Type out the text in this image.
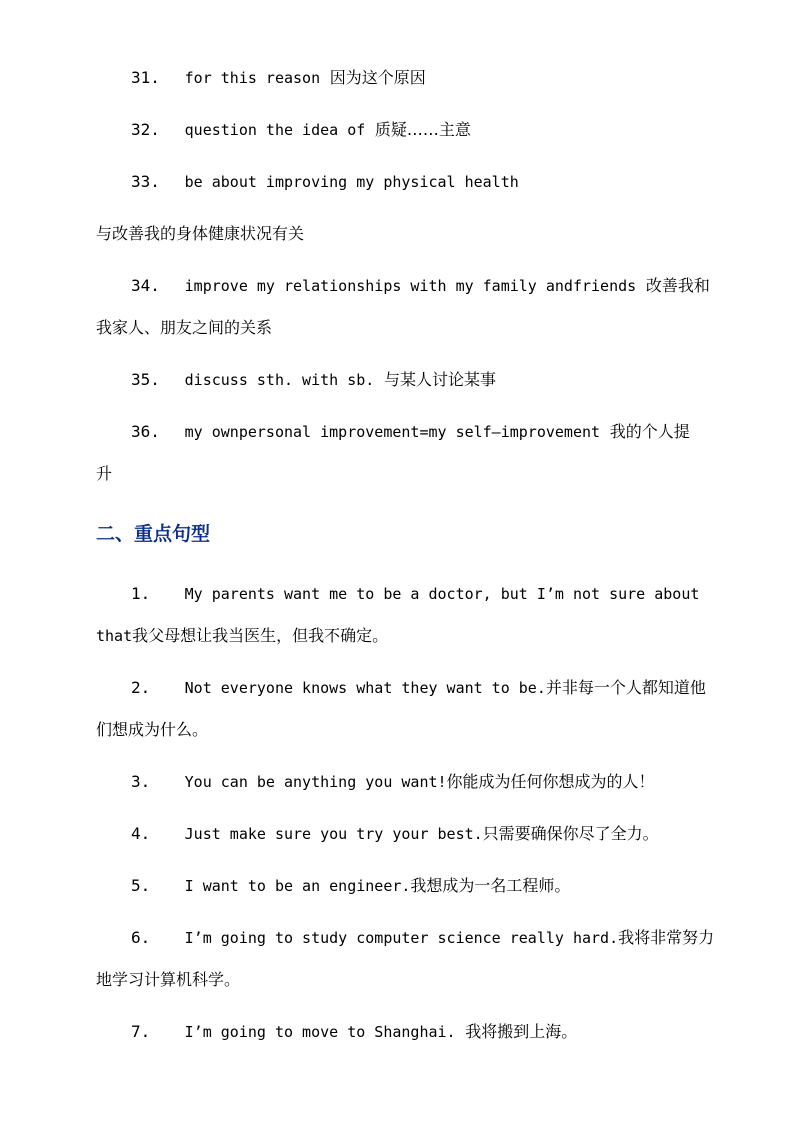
31. for this reason 因为这个原因
32. question the idea of 质疑……主意
33. be about improving my physical health
与改善我的身体健康状况有关
34. improve my relationships with my family andfriends 改善我和
我家人、朋友之间的关系
35. discuss sth. with sb. 与某人讨论某事
36. my ownpersonal improvement=my self—improvement 我的个人提
升
二、重点句型
1. My parents want me to be a doctor, but I’m not sure about
that我父母想让我当医生，但我不确定。
2. Not everyone knows what they want to be.并非每一个人都知道他
们想成为什么。
3. You can be anything you want!你能成为任何你想成为的人！
4. Just make sure you try your best.只需要确保你尽了全力。
5. I want to be an engineer.我想成为一名工程师。
6. I’m going to study computer science really hard.我将非常努力
地学习计算机科学。
7. I’m going to move to Shanghai. 我将搬到上海。
